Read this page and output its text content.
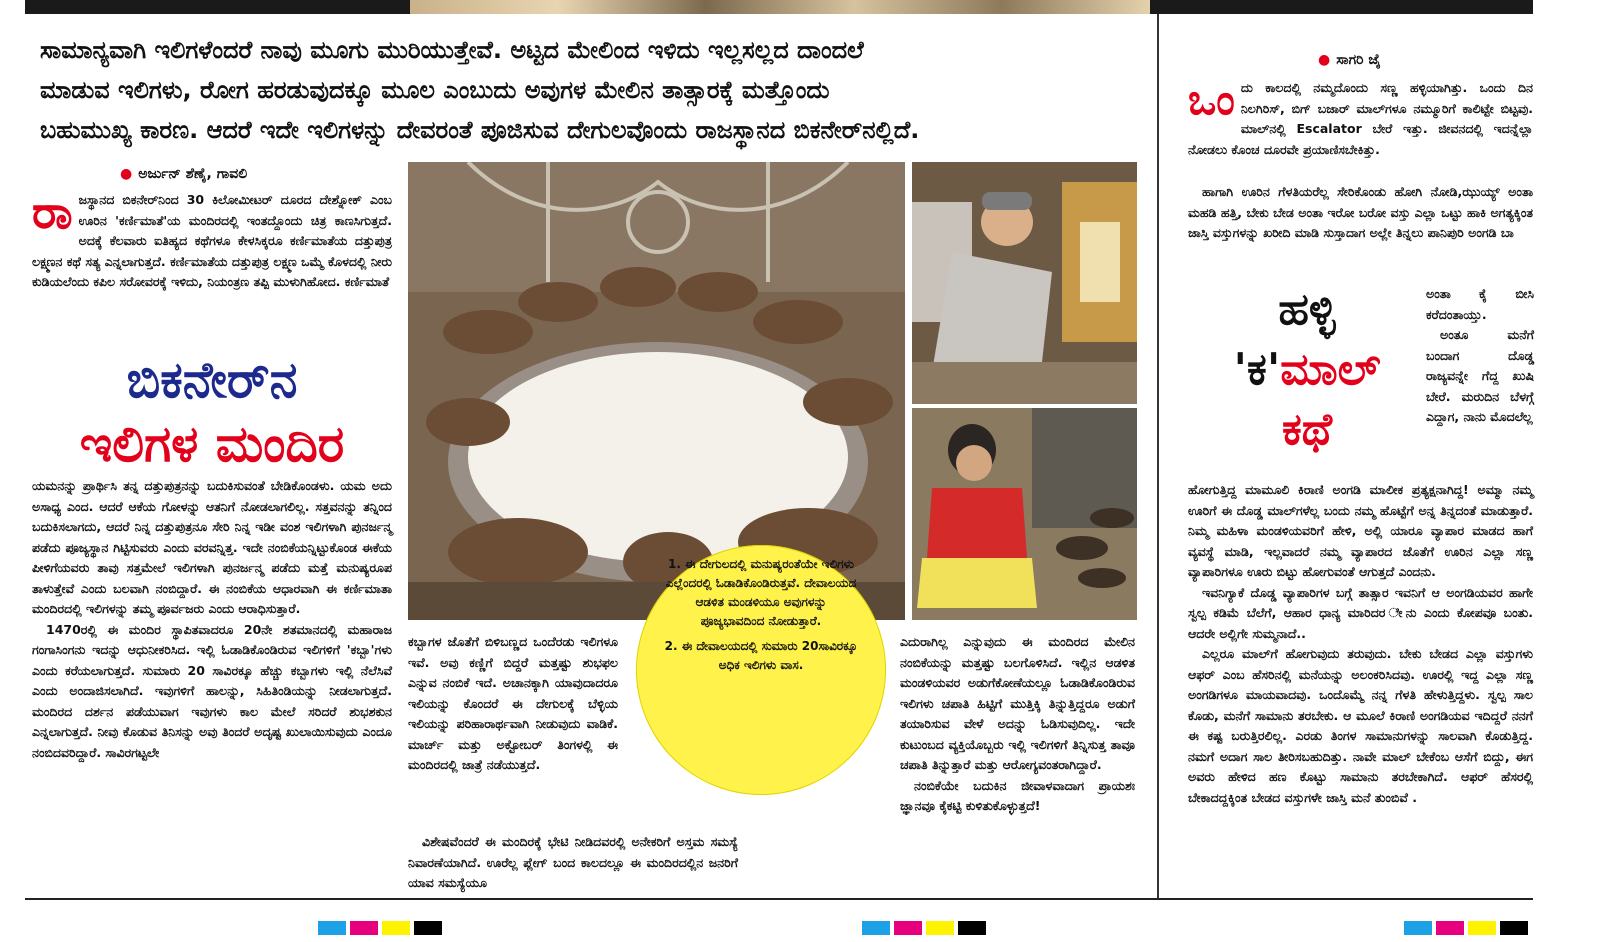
ಸಾಮಾನ್ಯವಾಗಿ ಇಲಿಗಳೆಂದರೆ ನಾವು ಮೂಗು ಮುರಿಯುತ್ತೇವೆ. ಅಟ್ಟದ ಮೇಲಿಂದ ಇಳಿದು ಇಲ್ಲಸಲ್ಲದ ದಾಂದಲೆ

ಮಾಡುವ ಇಲಿಗಳು, ರೋಗ ಹರಡುವುದಕ್ಕೂ ಮೂಲ ಎಂಬುದು ಅವುಗಳ ಮೇಲಿನ ತಾತ್ಸಾರಕ್ಕೆ ಮತ್ತೊಂದು

ಬಹುಮುಖ್ಯ ಕಾರಣ. ಆದರೆ ಇದೇ ಇಲಿಗಳನ್ನು ದೇವರಂತೆ ಪೂಜಿಸುವ ದೇಗುಲವೊಂದು ರಾಜಸ್ಥಾನದ ಬಿಕನೇರ್‌ನಲ್ಲಿದೆ.

● ಅರ್ಜುನ್ ಶೆಣೈ, ಗಾವಲಿ
ರಾ ಜಸ್ಥಾನದ ಬಿಕನೇರ್‌ನಿಂದ 30 ಕಿಲೋಮೀಟರ್ ದೂರದ ದೇಶ್ನೋಕ್ ಎಂಬ ಊರಿನ 'ಕರ್ಣಿಮಾತೆ'ಯ ಮಂದಿರದಲ್ಲಿ ಇಂತದ್ದೊಂದು ಚಿತ್ರ ಕಾಣಸಿಗುತ್ತದೆ. ಅದಕ್ಕೆ ಕೆಲವಾರು ಐತಿಹ್ಯದ ಕಥೆಗಳೂ ಕೇಳಸಿಕ್ಕರೂ ಕರ್ಣಿಮಾತೆಯ ದತ್ತುಪುತ್ರ ಲಕ್ಷ್ಮಣನ ಕಥೆ ಸತ್ಯ ಎನ್ನಲಾಗುತ್ತದೆ. ಕರ್ಣಿಮಾತೆಯ ದತ್ತುಪುತ್ರ ಲಕ್ಷ್ಮಣ ಒಮ್ಮೆ ಕೊಳದಲ್ಲಿ ನೀರು ಕುಡಿಯಲೆಂದು ಕಪಿಲ ಸರೋವರಕ್ಕೆ ಇಳಿದು, ನಿಯಂತ್ರಣ ತಪ್ಪಿ ಮುಳುಗಿಹೋದ. ಕರ್ಣಿಮಾತೆ
ಬಿಕನೇರ್‌ನ
ಇಲಿಗಳ ಮಂದಿರ

ಯಮನನ್ನು ಪ್ರಾರ್ಥಿಸಿ ತನ್ನ ದತ್ತುಪುತ್ರನನ್ನು ಬದುಕಿಸುವಂತೆ ಬೇಡಿಕೊಂಡಳು. ಯಮ ಅದು ಅಸಾಧ್ಯ ಎಂದ. ಆದರೆ ಆಕೆಯ ಗೋಳನ್ನು ಆತನಿಗೆ ನೋಡಲಾಗಲಿಲ್ಲ. ಸತ್ತವನನ್ನು ತನ್ನಿಂದ ಬದುಕಿಸಲಾಗದು, ಆದರೆ ನಿನ್ನ ದತ್ತುಪುತ್ರನೂ ಸೇರಿ ನಿನ್ನ ಇಡೀ ವಂಶ ಇಲಿಗಳಾಗಿ ಪುನರ್ಜನ್ಮ ಪಡೆದು ಪೂಜ್ಯಸ್ಥಾನ ಗಿಟ್ಟಿಸುವರು ಎಂದು ವರವನ್ನಿತ್ತ. ಇದೇ ನಂಬಿಕೆಯನ್ನಿಟ್ಟುಕೊಂಡ ಈಕೆಯ ಪೀಳಿಗೆಯವರು ತಾವು ಸತ್ತಮೇಲೆ ಇಲಿಗಳಾಗಿ ಪುನರ್ಜನ್ಮ ಪಡೆದು ಮತ್ತೆ ಮನುಷ್ಯರೂಪ ತಾಳುತ್ತೇವೆ ಎಂದು ಬಲವಾಗಿ ನಂಬಿದ್ದಾರೆ. ಈ ನಂಬಿಕೆಯ ಆಧಾರವಾಗಿ ಈ ಕರ್ಣಿಮಾತಾ ಮಂದಿರದಲ್ಲಿ ಇಲಿಗಳನ್ನು ತಮ್ಮ ಪೂರ್ವಜರು ಎಂದು ಆರಾಧಿಸುತ್ತಾರೆ.

1470ರಲ್ಲಿ ಈ ಮಂದಿರ ಸ್ಥಾಪಿತವಾದರೂ 20ನೇ ಶತಮಾನದಲ್ಲಿ ಮಹಾರಾಜ ಗಂಗಾಸಿಂಗನು ಇದನ್ನು ಆಧುನೀಕರಿಸಿದ. ಇಲ್ಲಿ ಓಡಾಡಿಕೊಂಡಿರುವ ಇಲಿಗಳಿಗೆ 'ಕಬ್ಬಾ'ಗಳು ಎಂದು ಕರೆಯಲಾಗುತ್ತದೆ. ಸುಮಾರು 20 ಸಾವಿರಕ್ಕೂ ಹೆಚ್ಚು ಕಬ್ಬಾಗಳು ಇಲ್ಲಿ ನೆಲೆಸಿವೆ ಎಂದು ಅಂದಾಜಿಸಲಾಗಿದೆ. ಇವುಗಳಿಗೆ ಹಾಲನ್ನು, ಸಿಹಿತಿಂಡಿಯನ್ನು ನೀಡಲಾಗುತ್ತದೆ. ಮಂದಿರದ ದರ್ಶನ ಪಡೆಯುವಾಗ ಇವುಗಳು ಕಾಲ ಮೇಲೆ ಸರಿದರೆ ಶುಭಶಕುನ ಎನ್ನಲಾಗುತ್ತದೆ. ನೀವು ಕೊಡುವ ತಿನಿಸನ್ನು ಅವು ತಿಂದರೆ ಅದೃಷ್ಟ ಖುಲಾಯಿಸುವುದು ಎಂದೂ ನಂಬಿದವರಿದ್ದಾರೆ. ಸಾವಿರಗಟ್ಟಲೇ

ಕಬ್ಬಾಗಳ ಜೊತೆಗೆ ಬಿಳಿಬಣ್ಣದ ಒಂದೆರಡು ಇಲಿಗಳೂ ಇವೆ. ಅವು ಕಣ್ಣಿಗೆ ಬಿದ್ದರೆ ಮತ್ತಷ್ಟು ಶುಭಫಲ ಎನ್ನುವ ನಂಬಿಕೆ ಇದೆ. ಅಚಾನಕ್ಕಾಗಿ ಯಾವುದಾದರೂ ಇಲಿಯನ್ನು ಕೊಂದರೆ ಈ ದೇಗುಲಕ್ಕೆ ಬೆಳ್ಳಿಯ ಇಲಿಯನ್ನು ಪರಿಹಾರಾರ್ಥವಾಗಿ ನೀಡುವುದು ವಾಡಿಕೆ. ಮಾರ್ಚ್ ಮತ್ತು ಅಕ್ಟೋಬರ್ ತಿಂಗಳಲ್ಲಿ ಈ ಮಂದಿರದಲ್ಲಿ ಜಾತ್ರೆ ನಡೆಯುತ್ತದೆ.

ವಿಶೇಷವೆಂದರೆ ಈ ಮಂದಿರಕ್ಕೆ ಭೇಟಿ ನೀಡಿದವರಲ್ಲಿ ಅನೇಕರಿಗೆ ಅಸ್ತಮ ಸಮಸ್ಯೆ ನಿವಾರಣೆಯಾಗಿದೆ. ಊರೆಲ್ಲ ಪ್ಲೇಗ್ ಬಂದ ಕಾಲದಲ್ಲೂ ಈ ಮಂದಿರದಲ್ಲಿನ ಜನರಿಗೆ ಯಾವ ಸಮಸ್ಯೆಯೂ

1. ಈ ದೇಗುಲದಲ್ಲಿ ಮನುಷ್ಯರಂತೆಯೇ ಇಲಿಗಳು ಎಲ್ಲೆಂದರಲ್ಲಿ ಓಡಾಡಿಕೊಂಡಿರುತ್ತವೆ. ದೇವಾಲಯದ ಆಡಳಿತ ಮಂಡಳಿಯೂ ಅವುಗಳನ್ನು ಪೂಜ್ಯಭಾವದಿಂದ ನೋಡುತ್ತಾರೆ.

2. ಈ ದೇವಾಲಯದಲ್ಲಿ ಸುಮಾರು 20ಸಾವಿರಕ್ಕೂ ಅಧಿಕ ಇಲಿಗಳು ವಾಸ.

ಎದುರಾಗಿಲ್ಲ ಎನ್ನುವುದು ಈ ಮಂದಿರದ ಮೇಲಿನ ನಂಬಿಕೆಯನ್ನು ಮತ್ತಷ್ಟು ಬಲಗೊಳಿಸಿದೆ. ಇಲ್ಲಿನ ಆಡಳಿತ ಮಂಡಳಿಯವರ ಅಡುಗೆಕೋಣೆಯಲ್ಲೂ ಓಡಾಡಿಕೊಂಡಿರುವ ಇಲಿಗಳು ಚಪಾತಿ ಹಿಟ್ಟಿಗೆ ಮುತ್ತಿಕ್ಕಿ ತಿನ್ನುತ್ತಿದ್ದರೂ ಅಡುಗೆ ತಯಾರಿಸುವ ವೇಳೆ ಅದನ್ನು ಓಡಿಸುವುದಿಲ್ಲ. ಇದೇ ಕುಟುಂಬದ ವ್ಯಕ್ತಿಯೊಬ್ಬರು ಇಲ್ಲಿ ಇಲಿಗಳಿಗೆ ತಿನ್ನಿಸುತ್ತ ತಾವೂ ಚಪಾತಿ ತಿನ್ನುತ್ತಾರೆ ಮತ್ತು ಆರೋಗ್ಯವಂತರಾಗಿದ್ದಾರೆ.

ನಂಬಿಕೆಯೇ ಬದುಕಿನ ಜೀವಾಳವಾದಾಗ ಪ್ರಾಯಶಃ ಜ್ಞಾನವೂ ಕೈಕಟ್ಟಿ ಕುಳಿತುಕೊಳ್ಳುತ್ತದೆ!

● ಸಾಗರಿ ಜೈ
ಒಂ ದು ಕಾಲದಲ್ಲಿ ನಮ್ಮದೊಂದು ಸಣ್ಣ ಹಳ್ಳಿಯಾಗಿತ್ತು. ಒಂದು ದಿನ ನಿಲಗಿರಿಸ್, ಬಿಗ್ ಬಜಾರ್ ಮಾಲ್‌ಗಳೂ ನಮ್ಮೂರಿಗೆ ಕಾಲಿಟ್ಟೇ ಬಿಟ್ಟವು. ಮಾಲ್‌ನಲ್ಲಿ Escalator ಬೇರೆ ಇತ್ತು. ಜೀವನದಲ್ಲಿ ಇದನ್ನೆಲ್ಲಾ ನೋಡಲು ಕೊಂಚ ದೂರವೇ ಪ್ರಯಾಣಿಸಬೇಕಿತ್ತು.

ಹಾಗಾಗಿ ಊರಿನ ಗೆಳತಿಯರೆಲ್ಲ ಸೇರಿಕೊಂಡು ಹೋಗಿ ನೋಡಿ,ಝುಯ್ಯ್ ಅಂತಾ ಮಹಡಿ ಹತ್ತಿ, ಬೇಕು ಬೇಡ ಅಂತಾ ಇರೋ ಬರೋ ವಸ್ತು ಎಲ್ಲಾ ಒಟ್ಟು ಹಾಕಿ ಅಗತ್ಯಕ್ಕಿಂತ ಜಾಸ್ತಿ ವಸ್ತುಗಳನ್ನು ಖರೀದಿ ಮಾಡಿ ಸುಸ್ತಾದಾಗ ಅಲ್ಲೇ ತಿನ್ನಲು ಪಾನಿಪುರಿ ಅಂಗಡಿ ಬಾ

ಹಳ್ಳಿ
'ಕ'ಮಾಲ್
ಕಥೆ

ಅಂತಾ ಕೈ ಬೀಸಿ ಕರೆದಂತಾಯ್ತು.

ಅಂತೂ ಮನೆಗೆ ಬಂದಾಗ ದೊಡ್ಡ ರಾಜ್ಯವನ್ನೇ ಗೆದ್ದ ಖುಷಿ ಬೇರೆ. ಮರುದಿನ ಬೆಳಗ್ಗೆ ಎದ್ದಾಗ, ನಾನು ಮೊದಲೆಲ್ಲ

ಹೋಗುತ್ತಿದ್ದ ಮಾಮೂಲಿ ಕಿರಾಣಿ ಅಂಗಡಿ ಮಾಲೀಕ ಪ್ರತ್ಯಕ್ಷನಾಗಿದ್ದ! ಅಮ್ಮಾ ನಮ್ಮ ಊರಿಗೆ ಈ ದೊಡ್ಡ ಮಾಲ್‌ಗಳೆಲ್ಲ ಬಂದು ನಮ್ಮ ಹೊಟ್ಟೆಗೆ ಅನ್ನ ತಿನ್ನದಂತೆ ಮಾಡುತ್ತಾರೆ. ನಿಮ್ಮ ಮಹಿಳಾ ಮಂಡಳಿಯವರಿಗೆ ಹೇಳಿ, ಅಲ್ಲಿ ಯಾರೂ ವ್ಯಾಪಾರ ಮಾಡದ ಹಾಗೆ ವ್ಯವಸ್ಥೆ ಮಾಡಿ, ಇಲ್ಲವಾದರೆ ನಮ್ಮ ವ್ಯಾಪಾರದ ಜೊತೆಗೆ ಊರಿನ ಎಲ್ಲಾ ಸಣ್ಣ ವ್ಯಾಪಾರಿಗಳೂ ಊರು ಬಿಟ್ಟು ಹೋಗುವಂತೆ ಆಗುತ್ತದೆ ಎಂದನು.

ಇವನಿಗ್ಯಾಕೆ ದೊಡ್ಡ ವ್ಯಾಪಾರಿಗಳ ಬಗ್ಗೆ ತಾತ್ಸಾರ ಇವನಿಗೆ ಆ ಅಂಗಡಿಯವರ ಹಾಗೇ ಸ್ವಲ್ಪ ಕಡಿಮೆ ಬೆಲೆಗೆ, ಆಹಾರ ಧಾನ್ಯ ಮಾರಿದರ ೇನು ಎಂದು ಕೋಪವೂ ಬಂತು. ಆದರೇ ಅಲ್ಲಿಗೇ ಸುಮ್ಮನಾದೆ..

ಎಲ್ಲರೂ ಮಾಲ್‌ಗೆ ಹೋಗುವುದು ತರುವುದು. ಬೇಕು ಬೇಡದ ಎಲ್ಲಾ ವಸ್ತುಗಳು ಆಫರ್ ಎಂಬ ಹೆಸರಿನಲ್ಲಿ ಮನೆಯನ್ನು ಅಲಂಕರಿಸಿದವು. ಊರಲ್ಲಿ ಇದ್ದ ಎಲ್ಲಾ ಸಣ್ಣ ಅಂಗಡಿಗಳೂ ಮಾಯವಾದವು. ಒಂದೊಮ್ಮೆ ನನ್ನ ಗೆಳತಿ ಹೇಳುತ್ತಿದ್ದಳು. ಸ್ವಲ್ಪ ಸಾಲ ಕೊಡು, ಮನೆಗೆ ಸಾಮಾನು ತರಬೇಕು. ಆ ಮೂಲೆ ಕಿರಾಣಿ ಅಂಗಡಿಯವ ಇದಿದ್ದರೆ ನನಗೆ ಈ ಕಷ್ಟ ಬರುತ್ತಿರಲಿಲ್ಲ. ಎರಡು ತಿಂಗಳ ಸಾಮಾನುಗಳನ್ನು ಸಾಲವಾಗಿ ಕೊಡುತ್ತಿದ್ದ. ನಮಗೆ ಅದಾಗ ಸಾಲ ತೀರಿಸಬಹುದಿತ್ತು. ನಾವೇ ಮಾಲ್ ಬೇಕೆಂಬ ಆಸೆಗೆ ಬಿದ್ದು, ಈಗ ಅವರು ಹೇಳಿದ ಹಣ ಕೊಟ್ಟು ಸಾಮಾನು ತರಬೇಕಾಗಿದೆ. ಆಫರ್ ಹೆಸರಲ್ಲಿ ಬೇಕಾದದ್ದಕ್ಕಿಂತ ಬೇಡದ ವಸ್ತುಗಳೇ ಜಾಸ್ತಿ ಮನೆ ತುಂಬಿವೆ .
